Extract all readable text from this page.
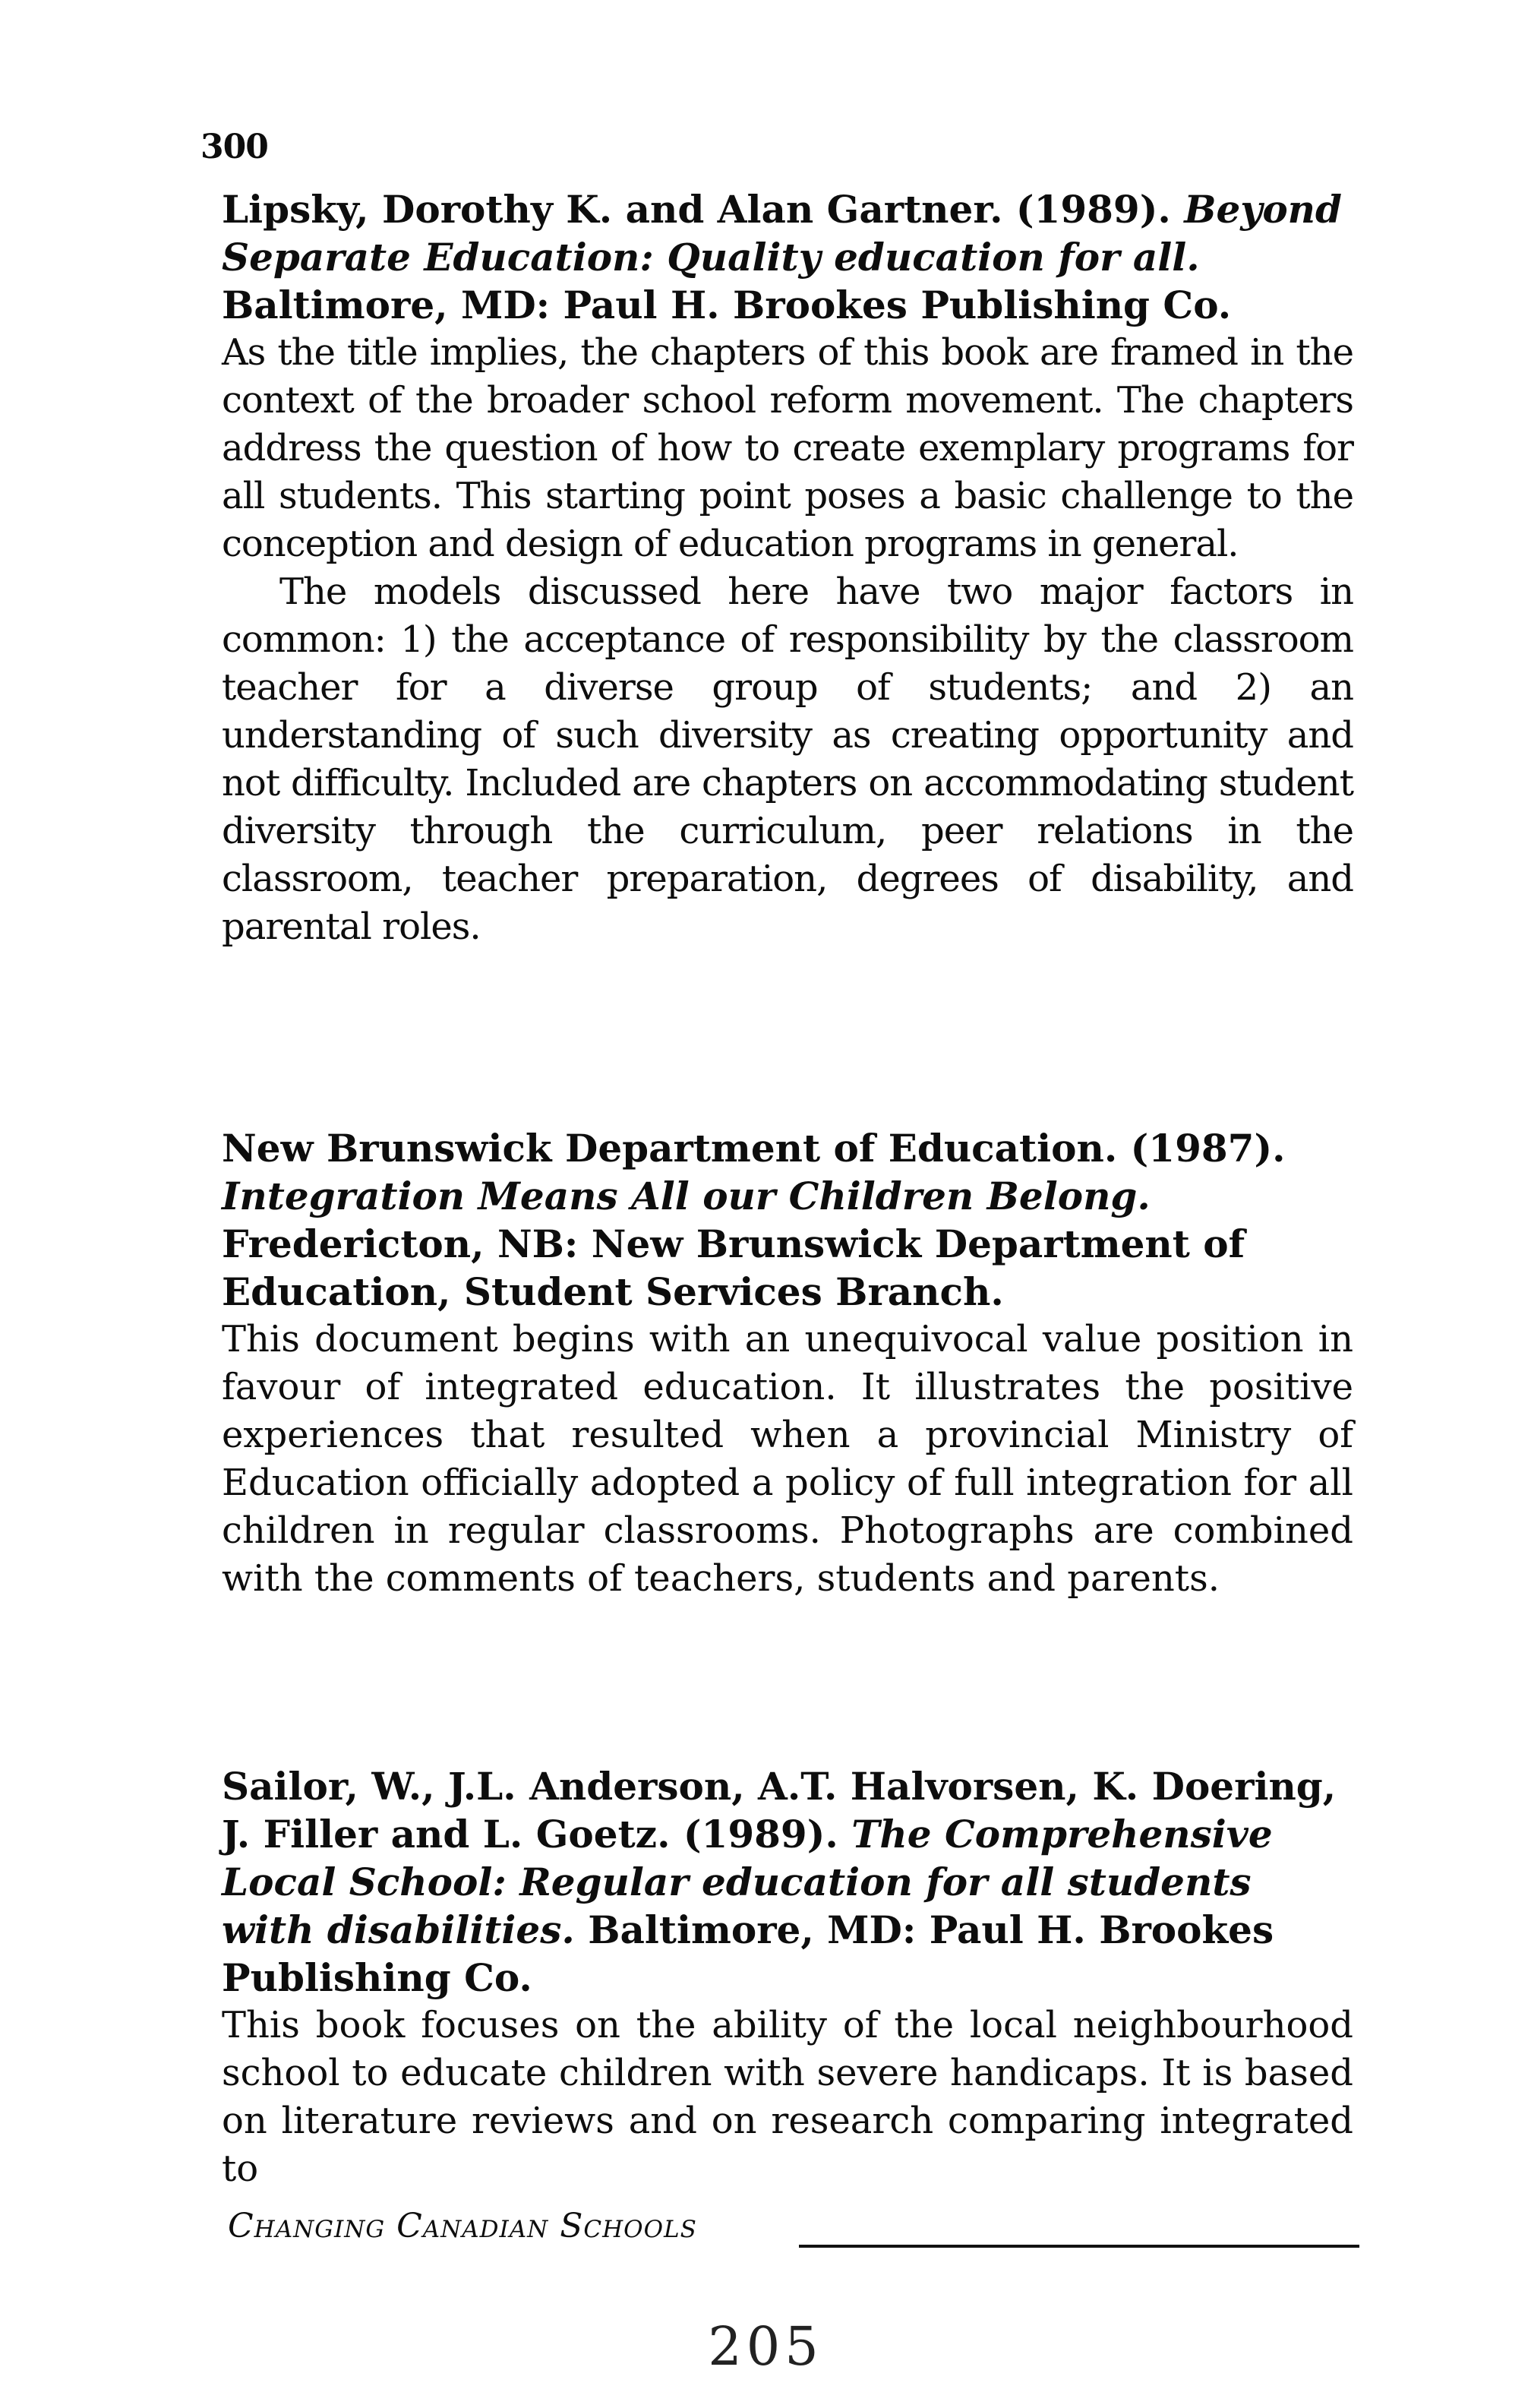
300

Lipsky, Dorothy K. and Alan Gartner. (1989). Beyond Separate Education: Quality education for all. Baltimore, MD: Paul H. Brookes Publishing Co.

As the title implies, the chapters of this book are framed in the context of the broader school reform movement. The chapters address the question of how to create exemplary programs for all students. This starting point poses a basic challenge to the conception and design of education programs in general.

The models discussed here have two major factors in common: 1) the acceptance of responsibility by the classroom teacher for a diverse group of students; and 2) an understanding of such diversity as creating opportunity and not difficulty. Included are chapters on accommodating student diversity through the curriculum, peer relations in the classroom, teacher preparation, degrees of disability, and parental roles.

New Brunswick Department of Education. (1987). Integration Means All our Children Belong. Fredericton, NB: New Brunswick Department of Education, Student Services Branch.

This document begins with an unequivocal value position in favour of integrated education. It illustrates the positive experiences that resulted when a provincial Ministry of Education officially adopted a policy of full integration for all children in regular classrooms. Photographs are combined with the comments of teachers, students and parents.

Sailor, W., J.L. Anderson, A.T. Halvorsen, K. Doering, J. Filler and L. Goetz. (1989). The Comprehensive Local School: Regular education for all students with disabilities. Baltimore, MD: Paul H. Brookes Publishing Co.

This book focuses on the ability of the local neighbourhood school to educate children with severe handicaps. It is based on literature reviews and on research comparing integrated to

Changing Canadian Schools
205
